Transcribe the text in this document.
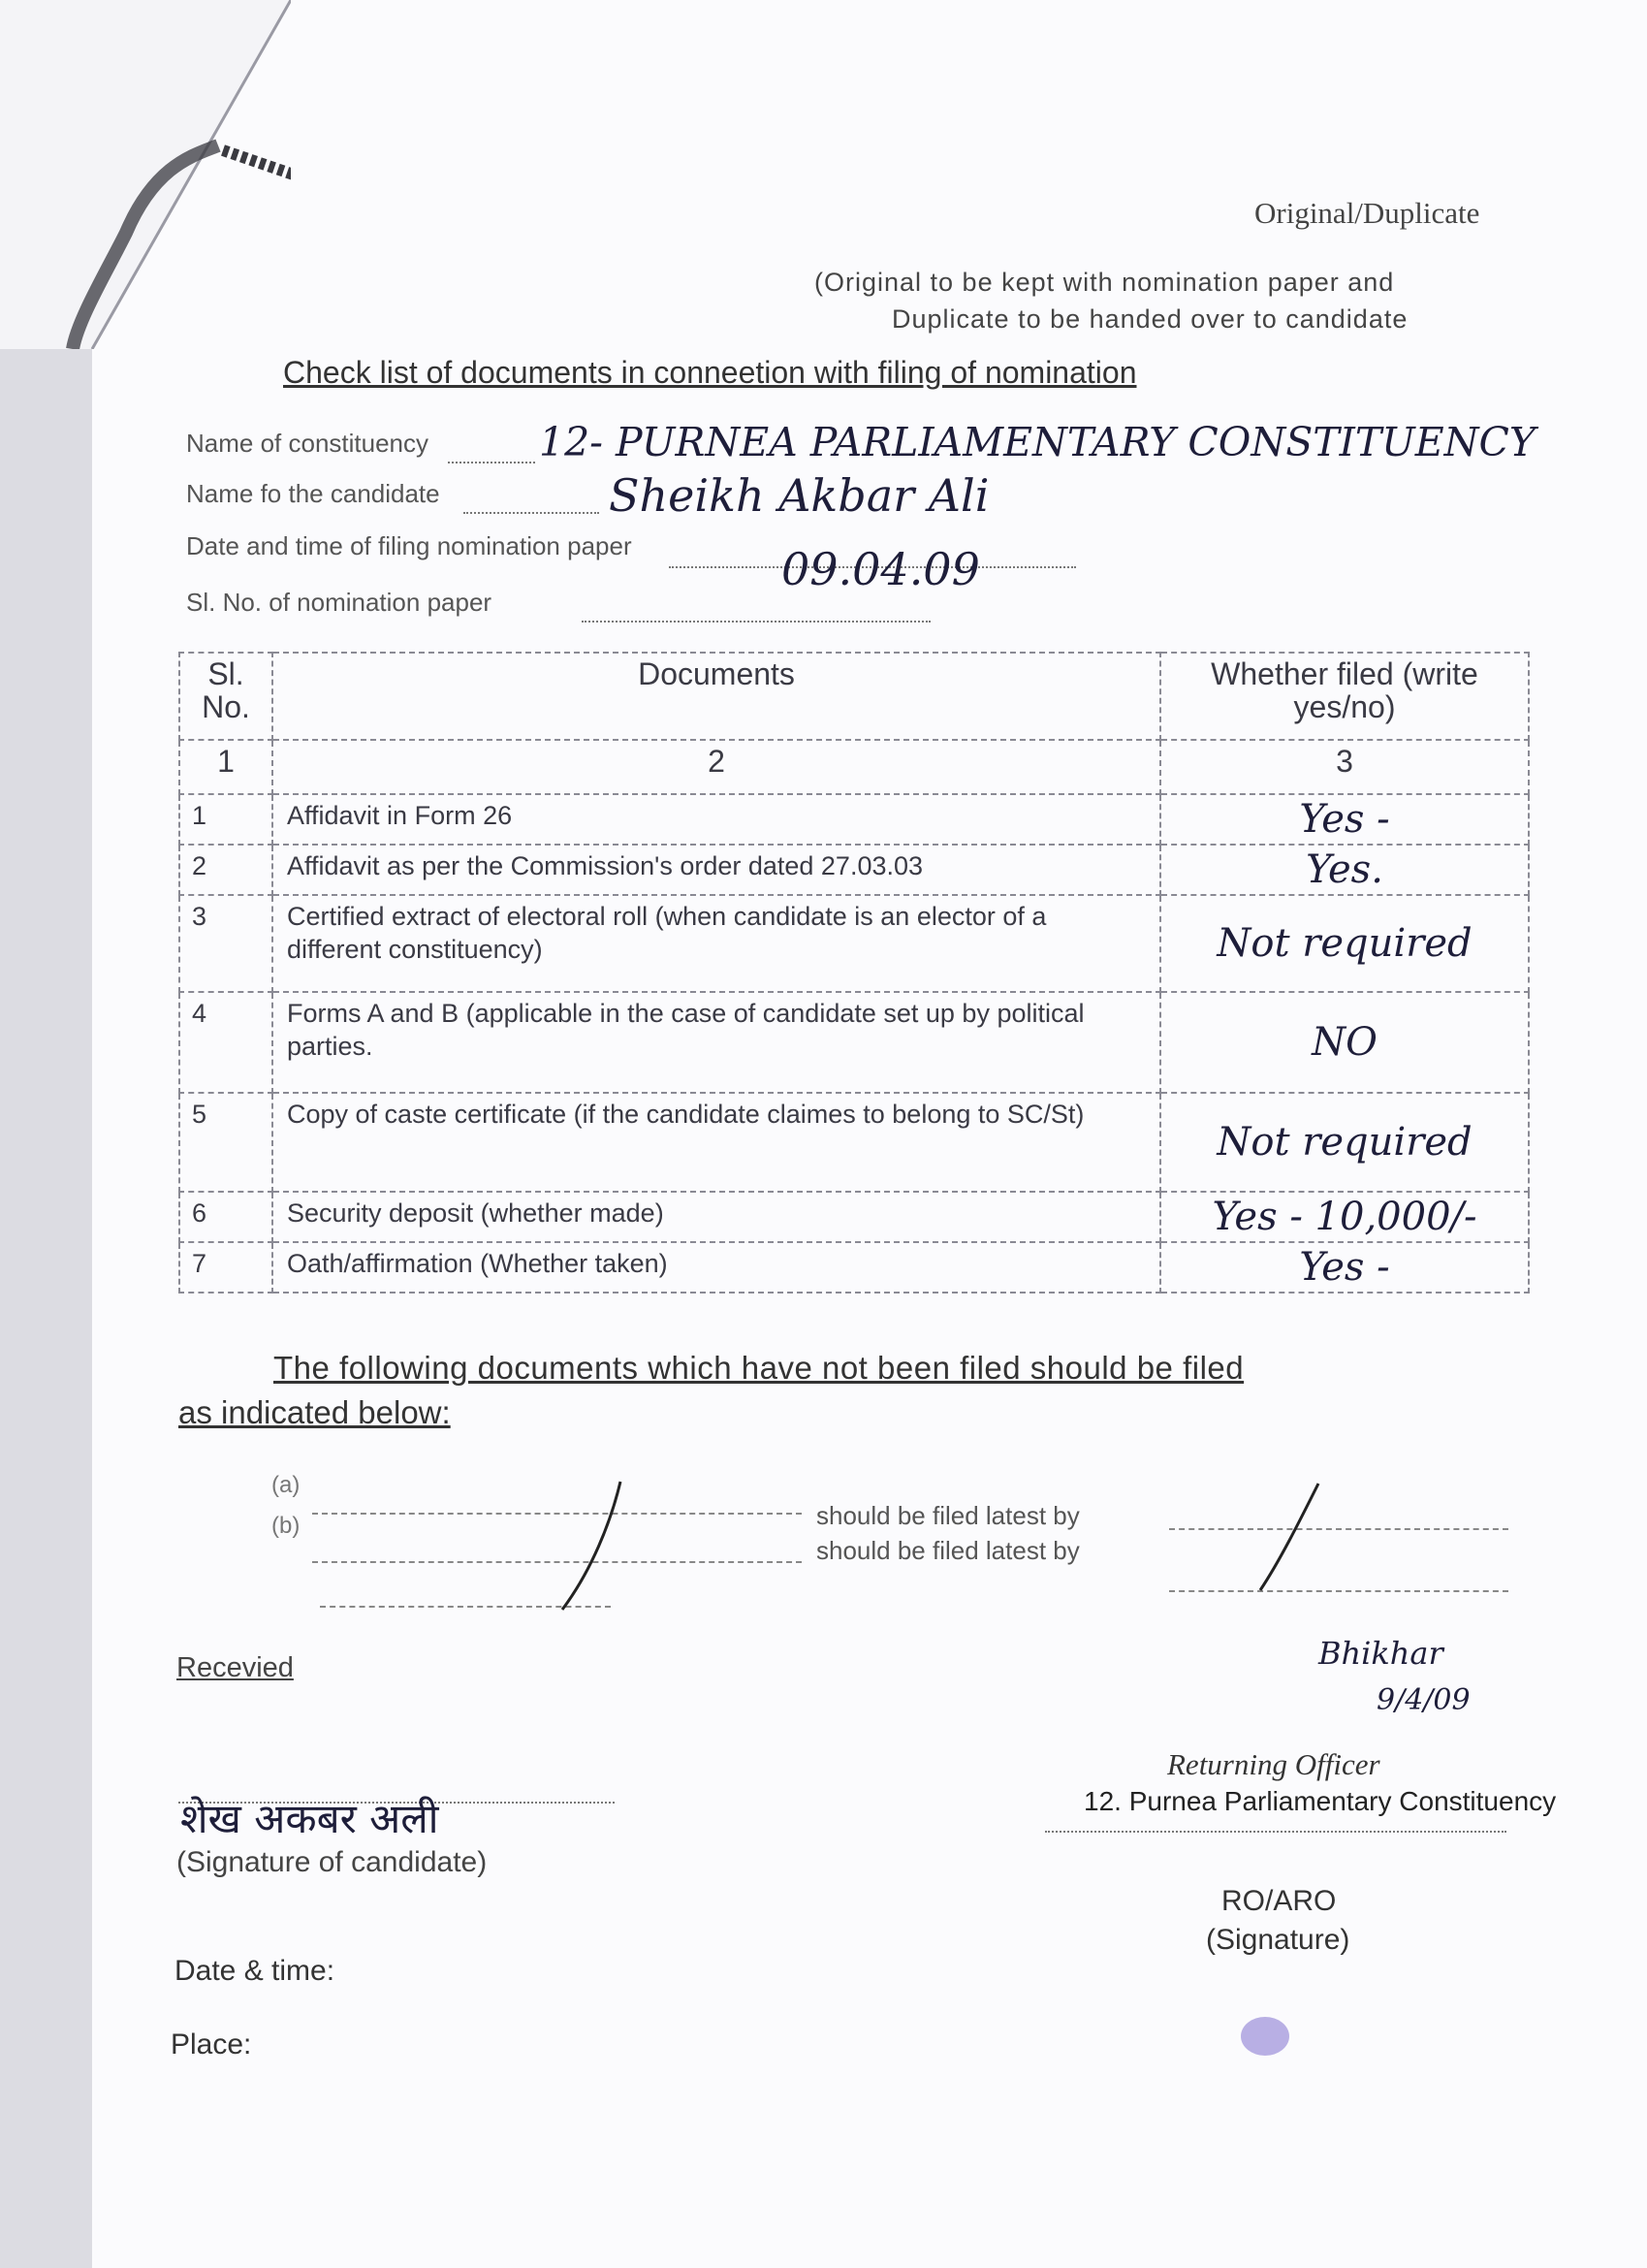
Original/Duplicate
(Original to be kept with nomination paper and
Duplicate to be handed over to candidate
Check list of documents in conneetion with filing of nomination
Name of constituency	12- PURNEA PARLIAMENTARY CONSTITUENCY
Name fo the candidate	Sheikh Akbar Ali
Date and time of filing nomination paper	09.04.09
Sl. No. of nomination paper
Sl. No.	Documents	Whether filed (write yes/no)
1	2	3
1	Affidavit in Form 26	Yes -
2	Affidavit as per the Commission's order dated 27.03.03	Yes.
3	Certified extract of electoral roll (when candidate is an elector of a different constituency)	Not required
4	Forms A and B (applicable in the case of candidate set up by political parties.	NO
5	Copy of caste certificate (if the candidate claimes to belong to SC/St)	Not required
6	Security deposit (whether made)	Yes - 10,000/-
7	Oath/affirmation (Whether taken)	Yes -
The following documents which have not been filed should be filed
as indicated below:
(a)
should be filed latest by
(b)
should be filed latest by
Recevied
शेख अकबर अली
(Signature of candidate)
Date & time:
Place:
Bhikhar
9/4/09
Returning Officer
12. Purnea Parliamentary Constituency
RO/ARO
(Signature)
